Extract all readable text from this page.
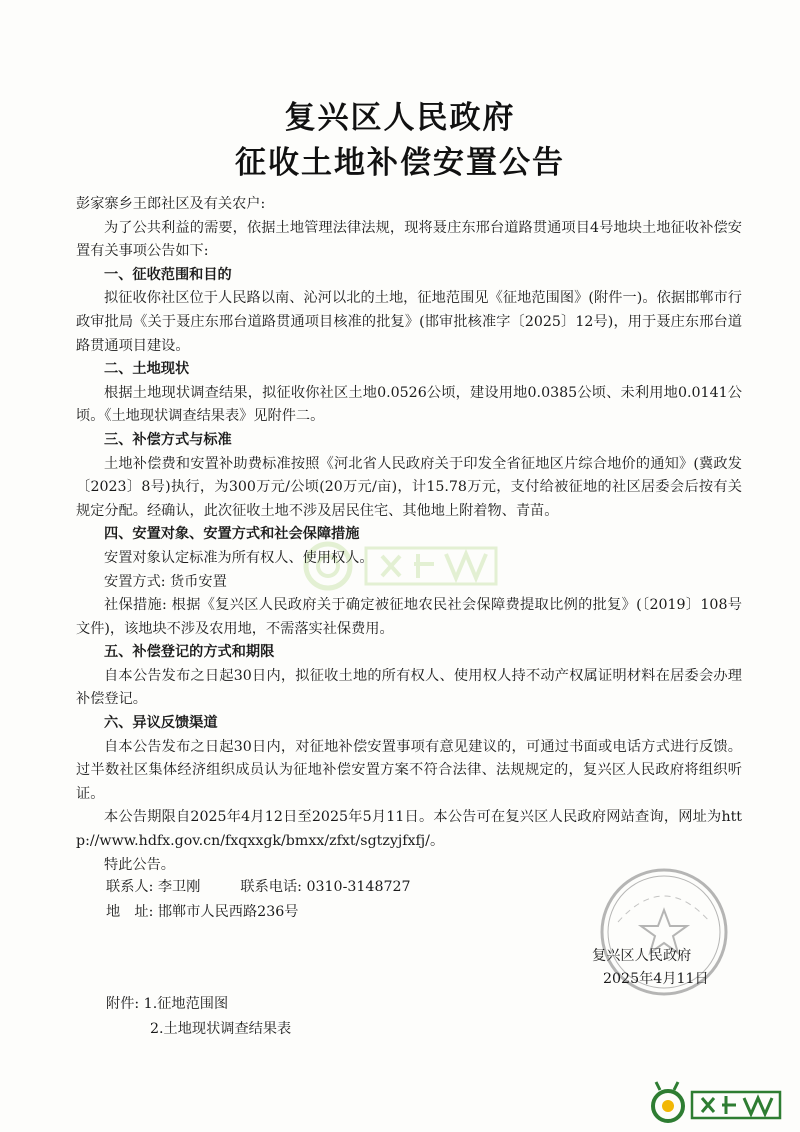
复兴区人民政府
征收土地补偿安置公告

彭家寨乡王郎社区及有关农户:

为了公共利益的需要，依据土地管理法律法规，现将聂庄东邢台道路贯通项目4号地块土地征收补偿安置有关事项公告如下:

一、征收范围和目的

拟征收你社区位于人民路以南、沁河以北的土地，征地范围见《征地范围图》(附件一)。依据邯郸市行政审批局《关于聂庄东邢台道路贯通项目核准的批复》(邯审批核准字〔2025〕12号)，用于聂庄东邢台道路贯通项目建设。

二、土地现状

根据土地现状调查结果，拟征收你社区土地0.0526公顷，建设用地0.0385公顷、未利用地0.0141公顷。《土地现状调查结果表》见附件二。

三、补偿方式与标准

土地补偿费和安置补助费标准按照《河北省人民政府关于印发全省征地区片综合地价的通知》(冀政发〔2023〕8号)执行，为300万元/公顷(20万元/亩)，计15.78万元，支付给被征地的社区居委会后按有关规定分配。经确认，此次征收土地不涉及居民住宅、其他地上附着物、青苗。

四、安置对象、安置方式和社会保障措施

安置对象认定标准为所有权人、使用权人。

安置方式: 货币安置

社保措施: 根据《复兴区人民政府关于确定被征地农民社会保障费提取比例的批复》(〔2019〕108号文件)，该地块不涉及农用地，不需落实社保费用。

五、补偿登记的方式和期限

自本公告发布之日起30日内，拟征收土地的所有权人、使用权人持不动产权属证明材料在居委会办理补偿登记。

六、异议反馈渠道

自本公告发布之日起30日内，对征地补偿安置事项有意见建议的，可通过书面或电话方式进行反馈。过半数社区集体经济组织成员认为征地补偿安置方案不符合法律、法规规定的，复兴区人民政府将组织听证。

本公告期限自2025年4月12日至2025年5月11日。本公告可在复兴区人民政府网站查询，网址为http://www.hdfx.gov.cn/fxqxxgk/bmxx/zfxt/sgtzyjfxfj/。

特此公告。

联系人: 李卫刚	联系电话: 0310-3148727
地　址: 邯郸市人民西路236号
复兴区人民政府
2025年4月11日
附件: 1.征地范围图
2.土地现状调查结果表
